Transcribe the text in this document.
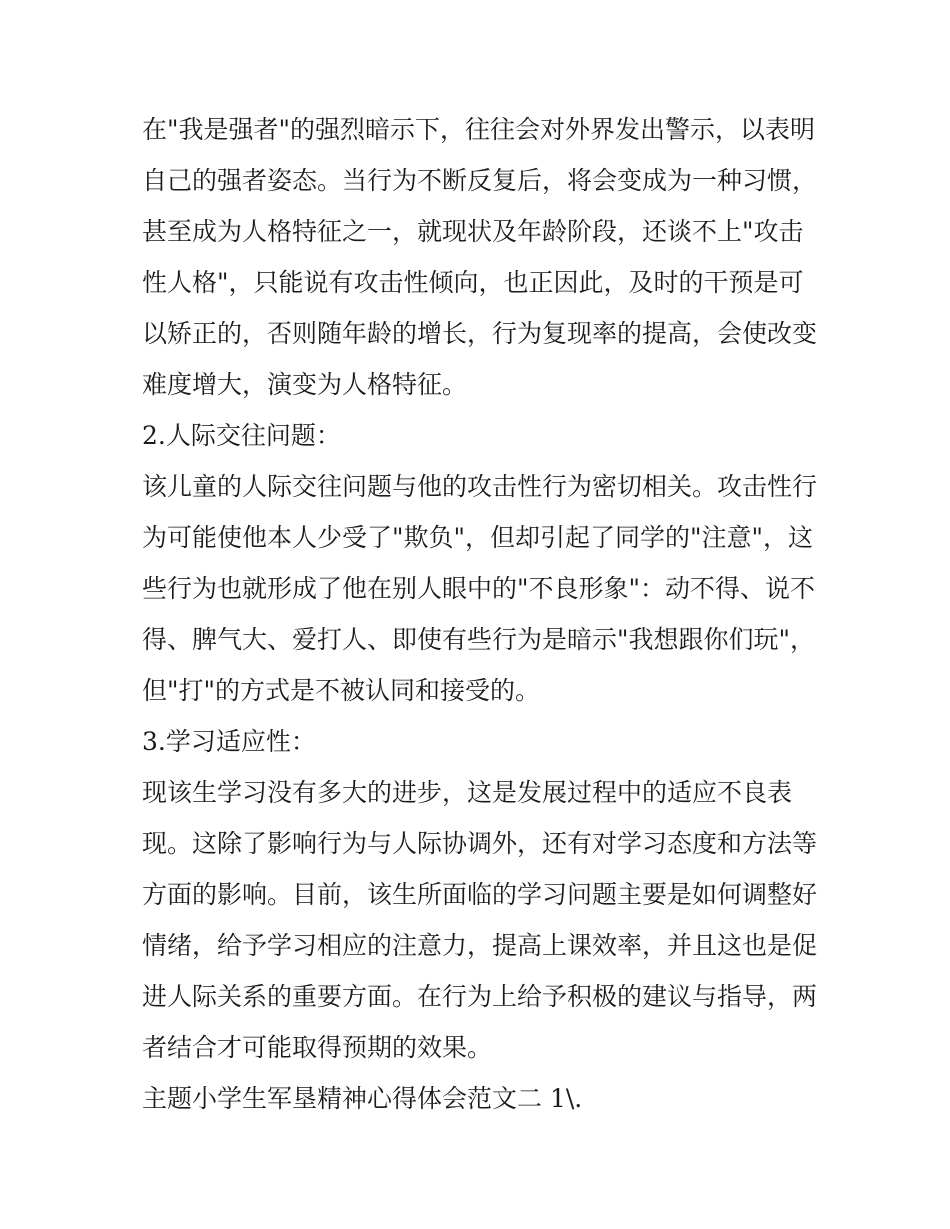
在"我是强者"的强烈暗示下，往往会对外界发出警示，以表明
自己的强者姿态。当行为不断反复后，将会变成为一种习惯，
甚至成为人格特征之一，就现状及年龄阶段，还谈不上"攻击
性人格"，只能说有攻击性倾向，也正因此，及时的干预是可
以矫正的，否则随年龄的增长，行为复现率的提高，会使改变
难度增大，演变为人格特征。
2.人际交往问题：
该儿童的人际交往问题与他的攻击性行为密切相关。攻击性行
为可能使他本人少受了"欺负"，但却引起了同学的"注意"，这
些行为也就形成了他在别人眼中的"不良形象"：动不得、说不
得、脾气大、爱打人、即使有些行为是暗示"我想跟你们玩"，
但"打"的方式是不被认同和接受的。
3.学习适应性：
现该生学习没有多大的进步，这是发展过程中的适应不良表
现。这除了影响行为与人际协调外，还有对学习态度和方法等
方面的影响。目前，该生所面临的学习问题主要是如何调整好
情绪，给予学习相应的注意力，提高上课效率，并且这也是促
进人际关系的重要方面。在行为上给予积极的建议与指导，两
者结合才可能取得预期的效果。
主题小学生军垦精神心得体会范文二 1\.
